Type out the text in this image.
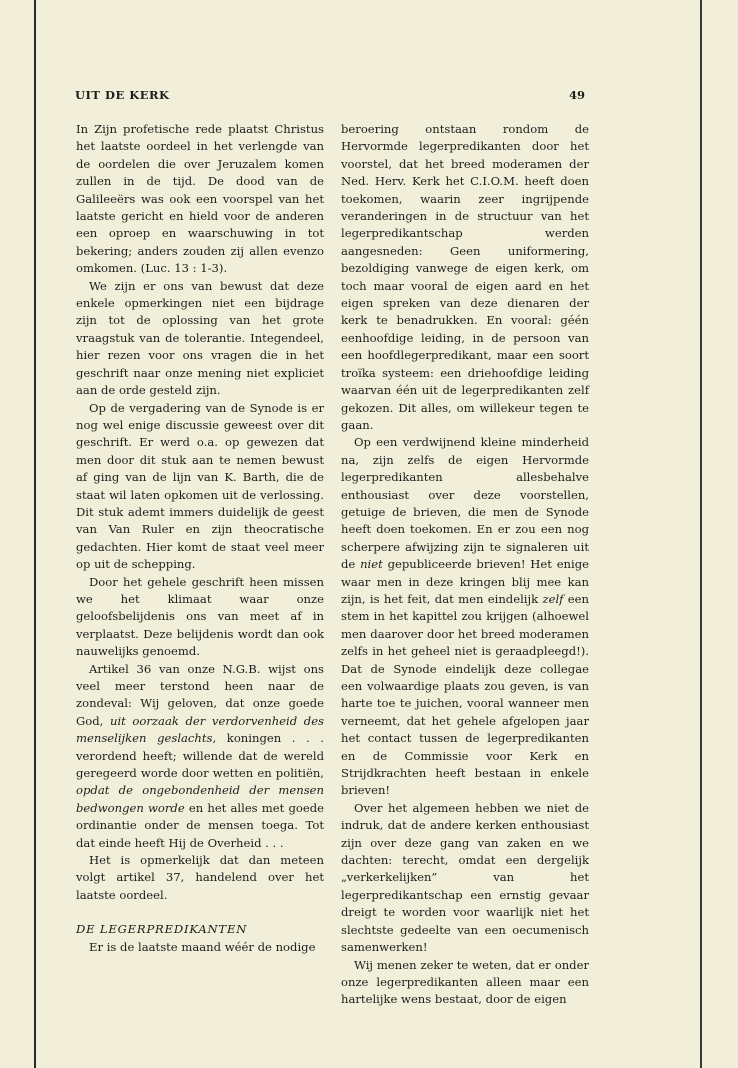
UIT DE KERK	49

In Zijn profetische rede plaatst Christus het laatste oordeel in het verlengde van de oordelen die over Jeruzalem komen zullen in de tijd. De dood van de Galileeërs was ook een voorspel van het laatste gericht en hield voor de anderen een oproep en waarschuwing in tot bekering; anders zouden zij allen evenzo omkomen. (Luc. 13 : 1-3).

We zijn er ons van bewust dat deze enkele opmerkingen niet een bijdrage zijn tot de oplossing van het grote vraagstuk van de tolerantie. Integendeel, hier rezen voor ons vragen die in het geschrift naar onze mening niet expliciet aan de orde gesteld zijn.

Op de vergadering van de Synode is er nog wel enige discussie geweest over dit geschrift. Er werd o.a. op gewezen dat men door dit stuk aan te nemen bewust af ging van de lijn van K. Barth, die de staat wil laten opkomen uit de verlossing. Dit stuk ademt immers duidelijk de geest van Van Ruler en zijn theocratische gedachten. Hier komt de staat veel meer op uit de schepping.

Door het gehele geschrift heen missen we het klimaat waar onze geloofsbelijdenis ons van meet af in verplaatst. Deze belijdenis wordt dan ook nauwelijks genoemd.

Artikel 36 van onze N.G.B. wijst ons veel meer terstond heen naar de zondeval: Wij geloven, dat onze goede God, uit oorzaak der verdorvenheid des menselijken geslachts, koningen . . . verordend heeft; willende dat de wereld geregeerd worde door wetten en politiën, opdat de ongebondenheid der mensen bedwongen worde en het alles met goede ordinantie onder de mensen toega. Tot dat einde heeft Hij de Overheid . . .

Het is opmerkelijk dat dan meteen volgt artikel 37, handelend over het laatste oordeel.

DE LEGERPREDIKANTEN

Er is de laatste maand wéér de nodige

beroering ontstaan rondom de Hervormde legerpredikanten door het voorstel, dat het breed moderamen der Ned. Herv. Kerk het C.I.O.M. heeft doen toekomen, waarin zeer ingrijpende veranderingen in de structuur van het legerpredikantschap werden aangesneden: Geen uniformering, bezoldiging vanwege de eigen kerk, om toch maar vooral de eigen aard en het eigen spreken van deze dienaren der kerk te benadrukken. En vooral: géén eenhoofdige leiding, in de persoon van een hoofdlegerpredikant, maar een soort troïka systeem: een driehoofdige leiding waarvan één uit de legerpredikanten zelf gekozen. Dit alles, om willekeur tegen te gaan.

Op een verdwijnend kleine minderheid na, zijn zelfs de eigen Hervormde legerpredikanten allesbehalve enthousiast over deze voorstellen, getuige de brieven, die men de Synode heeft doen toekomen. En er zou een nog scherpere afwijzing zijn te signaleren uit de niet gepubliceerde brieven! Het enige waar men in deze kringen blij mee kan zijn, is het feit, dat men eindelijk zelf een stem in het kapittel zou krijgen (alhoewel men daarover door het breed moderamen zelfs in het geheel niet is geraadpleegd!). Dat de Synode eindelijk deze collegae een volwaardige plaats zou geven, is van harte toe te juichen, vooral wanneer men verneemt, dat het gehele afgelopen jaar het contact tussen de legerpredikanten en de Commissie voor Kerk en Strijdkrachten heeft bestaan in enkele brieven!

Over het algemeen hebben we niet de indruk, dat de andere kerken enthousiast zijn over deze gang van zaken en we dachten: terecht, omdat een dergelijk „verkerkelijken” van het legerpredikantschap een ernstig gevaar dreigt te worden voor waarlijk niet het slechtste gedeelte van een oecumenisch samenwerken!

Wij menen zeker te weten, dat er onder onze legerpredikanten alleen maar een hartelijke wens bestaat, door de eigen
